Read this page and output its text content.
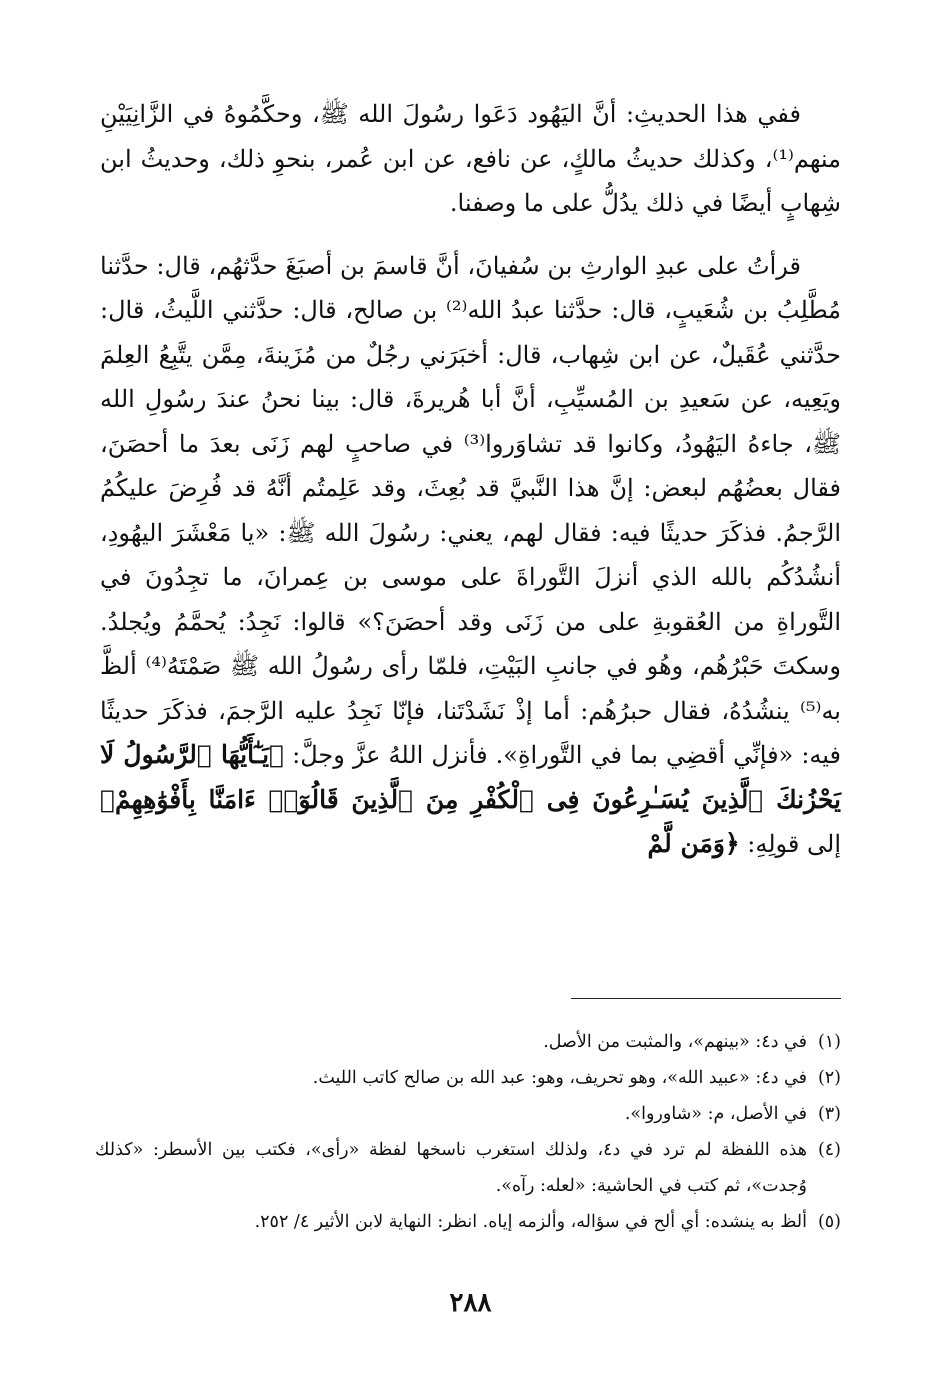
ففي هذا الحديثِ: أنَّ اليَهُود دَعَوا رسُولَ الله ﷺ، وحكَّمُوهُ في الزَّانِيَيْنِ منهم⁽¹⁾، وكذلك حديثُ مالكٍ، عن نافع، عن ابن عُمر، بنحوِ ذلك، وحديثُ ابن شِهابٍ أيضًا في ذلك يدُلُّ على ما وصفنا.

قرأتُ على عبدِ الوارثِ بن سُفيانَ، أنَّ قاسمَ بن أصبَغَ حدَّثهُم، قال: حدَّثنا مُطَّلِبُ بن شُعَيبٍ، قال: حدَّثنا عبدُ الله⁽²⁾ بن صالح، قال: حدَّثني اللَّيثُ، قال: حدَّثني عُقَيلٌ، عن ابن شِهاب، قال: أخبَرَني رجُلٌ من مُزَينةَ، مِمَّن يتَّبِعُ العِلمَ ويَعِيه، عن سَعيدِ بن المُسيِّبِ، أنَّ أبا هُريرةَ، قال: بينا نحنُ عندَ رسُولِ الله ﷺ، جاءهُ اليَهُودُ، وكانوا قد تشاوَروا⁽³⁾ في صاحبٍ لهم زَنَى بعدَ ما أحصَنَ، فقال بعضُهُم لبعض: إنَّ هذا النَّبيَّ قد بُعِثَ، وقد عَلِمتُم أنَّهُ قد فُرِضَ عليكُمُ الرَّجمُ. فذكَرَ حديثًا فيه: فقال لهم، يعني: رسُولَ الله ﷺ: «يا مَعْشَرَ اليهُودِ، أنشُدُكُم بالله الذي أنزلَ التَّوراةَ على موسى بن عِمرانَ، ما تجِدُونَ في التَّوراةِ من العُقوبةِ على من زَنَى وقد أحصَنَ؟» قالوا: نَجِدُ: يُحمَّمُ ويُجلدُ. وسكتَ حَبْرُهُم، وهُو في جانبِ البَيْتِ، فلمّا رأى رسُولُ الله ﷺ صَمْتَهُ⁽⁴⁾ ألظَّ به⁽⁵⁾ ينشُدُهُ، فقال حبرُهُم: أما إذْ نَشَدْتَنا، فإنّا نَجِدُ عليه الرَّجمَ، فذكَرَ حديثًا فيه: «فإنِّي أقضِي بما في التَّوراةِ». فأنزل اللهُ عزَّ وجلَّ: ﴿يَـٰٓأَيُّهَا ٱلرَّسُولُ لَا يَحْزُنكَ ٱلَّذِينَ يُسَـٰرِعُونَ فِى ٱلْكُفْرِ مِنَ ٱلَّذِينَ قَالُوٓا۟ ءَامَنَّا بِأَفْوَٰهِهِمْ﴾ إلى قولِهِ: ﴿وَمَن لَّمْ

(١)
في د٤: «بينهم»، والمثبت من الأصل.

(٢)
في د٤: «عبيد الله»، وهو تحريف، وهو: عبد الله بن صالح كاتب الليث.

(٣)
في الأصل، م: «شاوروا».

(٤)
هذه اللفظة لم ترد في د٤، ولذلك استغرب ناسخها لفظة «رأى»، فكتب بين الأسطر: «كذلك وُجدت»، ثم كتب في الحاشية: «لعله: رآه».

(٥)
ألظ به ينشده: أي ألح في سؤاله، وألزمه إياه. انظر: النهاية لابن الأثير ٤/ ٢٥٢.

٢٨٨
